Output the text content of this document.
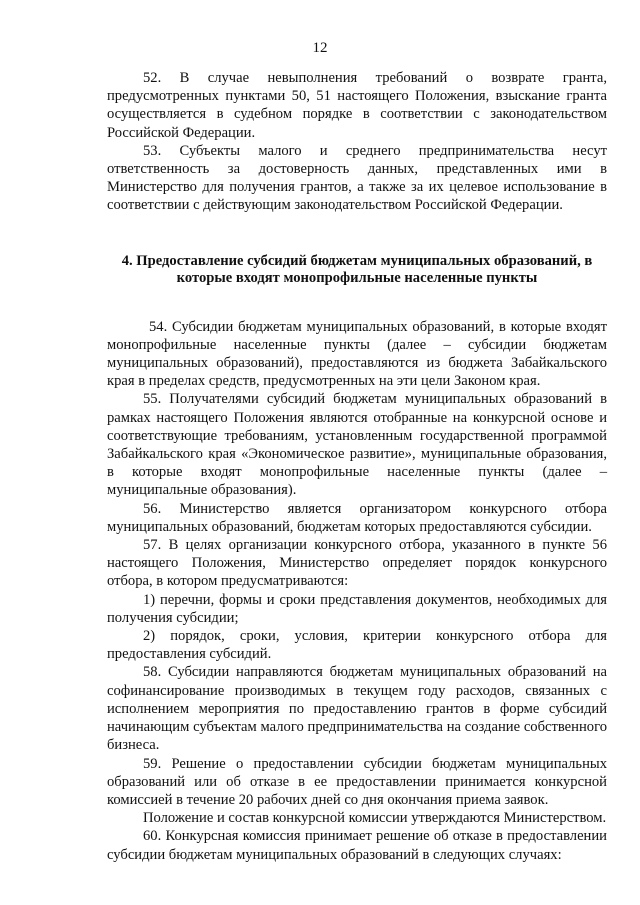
12

52. В случае невыполнения требований о возврате гранта, предусмотренных пунктами 50, 51 настоящего Положения, взыскание гранта осуществляется в судебном порядке в соответствии с законодательством Российской Федерации.

53. Субъекты малого и среднего предпринимательства несут ответственность за достоверность данных, представленных ими в Министерство для получения грантов, а также за их целевое использование в соответствии с действующим законодательством Российской Федерации.

4. Предоставление субсидий бюджетам муниципальных образований, в которые входят монопрофильные населенные пункты

54. Субсидии бюджетам муниципальных образований, в которые входят монопрофильные населенные пункты (далее – субсидии бюджетам муниципальных образований), предоставляются из бюджета Забайкальского края в пределах средств, предусмотренных на эти цели Законом края.

55. Получателями субсидий бюджетам муниципальных образований в рамках настоящего Положения являются отобранные на конкурсной основе и соответствующие требованиям, установленным государственной программой Забайкальского края «Экономическое развитие», муниципальные образования, в которые входят монопрофильные населенные пункты (далее – муниципальные образования).

56. Министерство является организатором конкурсного отбора муниципальных образований, бюджетам которых предоставляются субсидии.

57. В целях организации конкурсного отбора, указанного в пункте 56 настоящего Положения, Министерство определяет порядок конкурсного отбора, в котором предусматриваются:

1) перечни, формы и сроки представления документов, необходимых для получения субсидии;

2) порядок, сроки, условия, критерии конкурсного отбора для предоставления субсидий.

58. Субсидии направляются бюджетам муниципальных образований на софинансирование производимых в текущем году расходов, связанных с исполнением мероприятия по предоставлению грантов в форме субсидий начинающим субъектам малого предпринимательства на создание собственного бизнеса.

59. Решение о предоставлении субсидии бюджетам муниципальных образований или об отказе в ее предоставлении принимается конкурсной комиссией в течение 20 рабочих дней со дня окончания приема заявок.

Положение и состав конкурсной комиссии утверждаются Министерством.

60. Конкурсная комиссия принимает решение об отказе в предоставлении субсидии бюджетам муниципальных образований в следующих случаях:
